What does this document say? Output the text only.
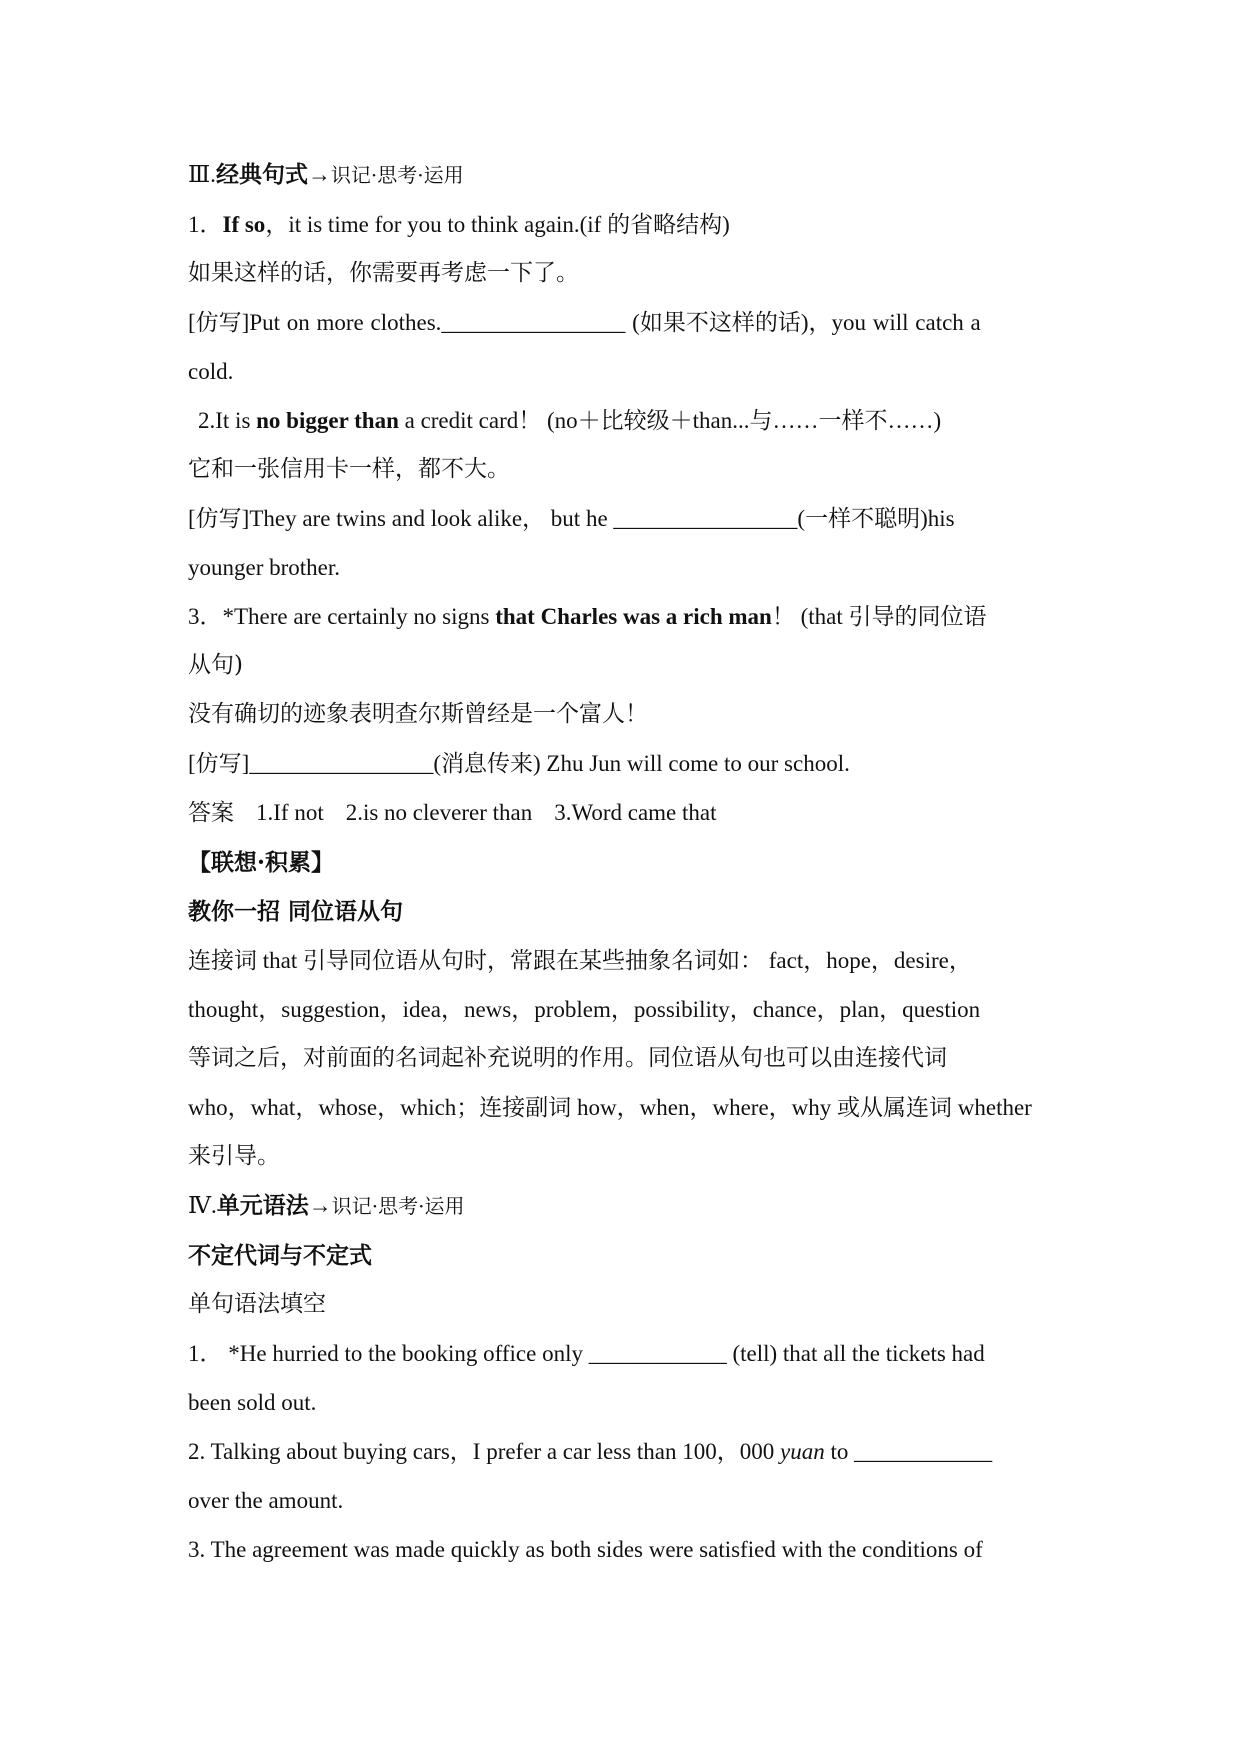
Ⅲ.经典句式→识记·思考·运用
1．If so，it is time for you to think again.(if 的省略结构)
如果这样的话，你需要再考虑一下了。
[仿写]Put on more clothes.________________ (如果不这样的话)，you will catch a
cold.
2.It is no bigger than a credit card！ (no＋比较级＋than...与……一样不……)
它和一张信用卡一样，都不大。
[仿写]They are twins and look alike， but he ________________(一样不聪明)his
younger brother.
3．*There are certainly no signs that Charles was a rich man！ (that 引导的同位语
从句)
没有确切的迹象表明查尔斯曾经是一个富人！
[仿写]________________(消息传来) Zhu Jun will come to our school.
答案 1.If not 2.is no cleverer than 3.Word came that
【联想·积累】
教你一招 同位语从句
连接词 that 引导同位语从句时，常跟在某些抽象名词如： fact，hope，desire，
thought，suggestion，idea，news，problem，possibility，chance，plan，question
等词之后，对前面的名词起补充说明的作用。同位语从句也可以由连接代词
who，what，whose，which；连接副词 how，when，where，why 或从属连词 whether
来引导。
Ⅳ.单元语法→识记·思考·运用
不定代词与不定式
单句语法填空
1． *He hurried to the booking office only ____________ (tell) that all the tickets had
been sold out.
2. Talking about buying cars，I prefer a car less than 100，000 yuan to ____________
over the amount.
3. The agreement was made quickly as both sides were satisfied with the conditions of
